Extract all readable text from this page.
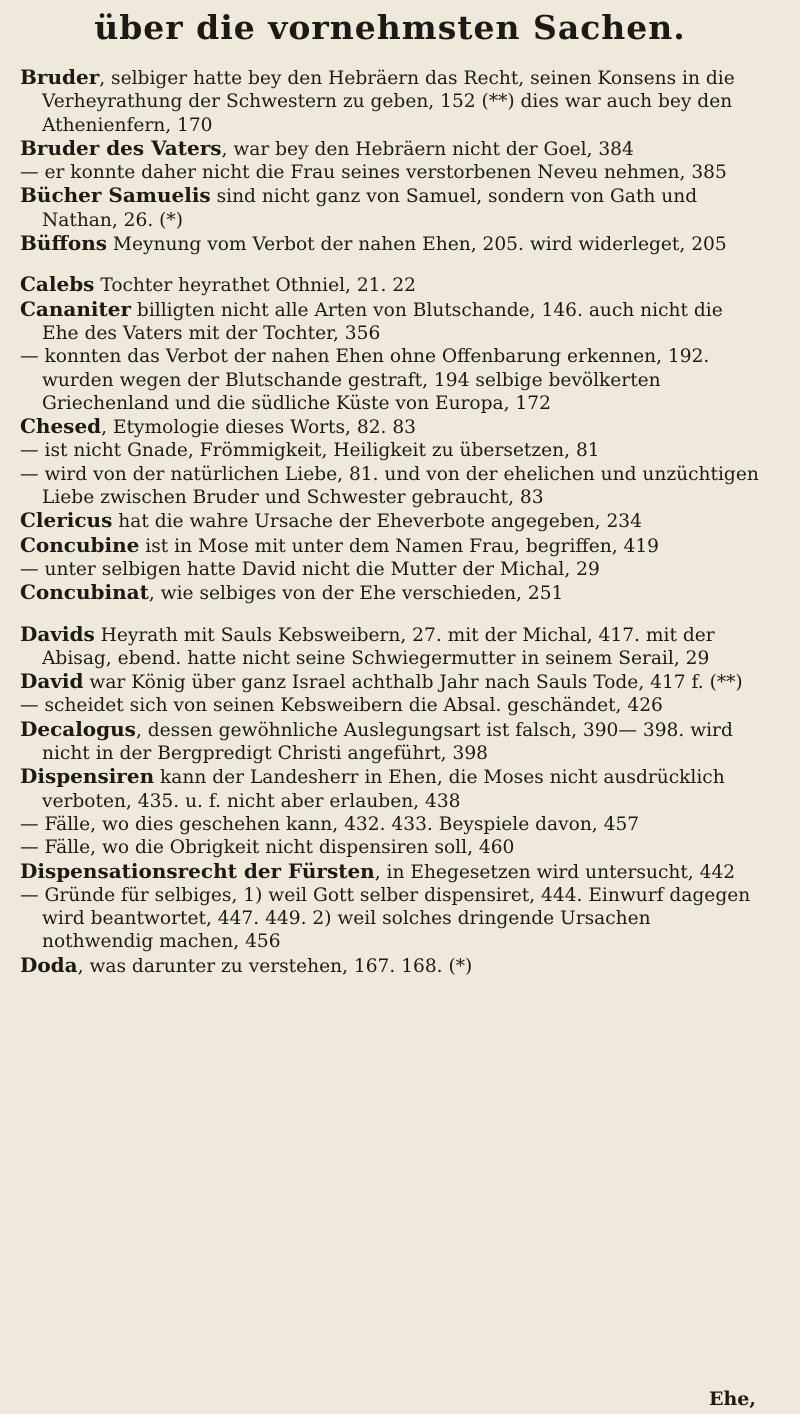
über die vornehmsten Sachen.
Bruder, selbiger hatte bey den Hebräern das Recht, seinen Konsens in die Verheyrathung der Schwestern zu geben, 152 (**) dies war auch bey den Athenienfern, 170
Bruder des Vaters, war bey den Hebräern nicht der Goel, 384
— er konnte daher nicht die Frau seines verstorbenen Neveu nehmen, 385
Bücher Samuelis sind nicht ganz von Samuel, sondern von Gath und Nathan, 26. (*)
Büffons Meynung vom Verbot der nahen Ehen, 205. wird widerleget, 205
Calebs Tochter heyrathet Othniel, 21. 22
Cananiter billigten nicht alle Arten von Blutschande, 146. auch nicht die Ehe des Vaters mit der Tochter, 356
— konnten das Verbot der nahen Ehen ohne Offenbarung erkennen, 192. wurden wegen der Blutschande gestraft, 194 selbige bevölkerten Griechenland und die südliche Küste von Europa, 172
Chesed, Etymologie dieses Worts, 82. 83
— ist nicht Gnade, Frömmigkeit, Heiligkeit zu übersetzen, 81
— wird von der natürlichen Liebe, 81. und von der ehelichen und unzüchtigen Liebe zwischen Bruder und Schwester gebraucht, 83
Clericus hat die wahre Ursache der Eheverbote angegeben, 234
Concubine ist in Mose mit unter dem Namen Frau, begriffen, 419
— unter selbigen hatte David nicht die Mutter der Michal, 29
Concubinat, wie selbiges von der Ehe verschieden, 251
Davids Heyrath mit Sauls Kebsweibern, 27. mit der Michal, 417. mit der Abisag, ebend. hatte nicht seine Schwiegermutter in seinem Serail, 29
David war König über ganz Israel achthalb Jahr nach Sauls Tode, 417 f. (**)
— scheidet sich von seinen Kebsweibern die Absal. geschändet, 426
Decalogus, dessen gewöhnliche Auslegungsart ist falsch, 390— 398. wird nicht in der Bergpredigt Christi angeführt, 398
Dispensiren kann der Landesherr in Ehen, die Moses nicht ausdrücklich verboten, 435. u. f. nicht aber erlauben, 438
— Fälle, wo dies geschehen kann, 432. 433. Beyspiele davon, 457
— Fälle, wo die Obrigkeit nicht dispensiren soll, 460
Dispensationsrecht der Fürsten, in Ehegesetzen wird untersucht, 442
— Gründe für selbiges, 1) weil Gott selber dispensiret, 444. Einwurf dagegen wird beantwortet, 447. 449. 2) weil solches dringende Ursachen nothwendig machen, 456
Doda, was darunter zu verstehen, 167. 168. (*)
Ehe,
